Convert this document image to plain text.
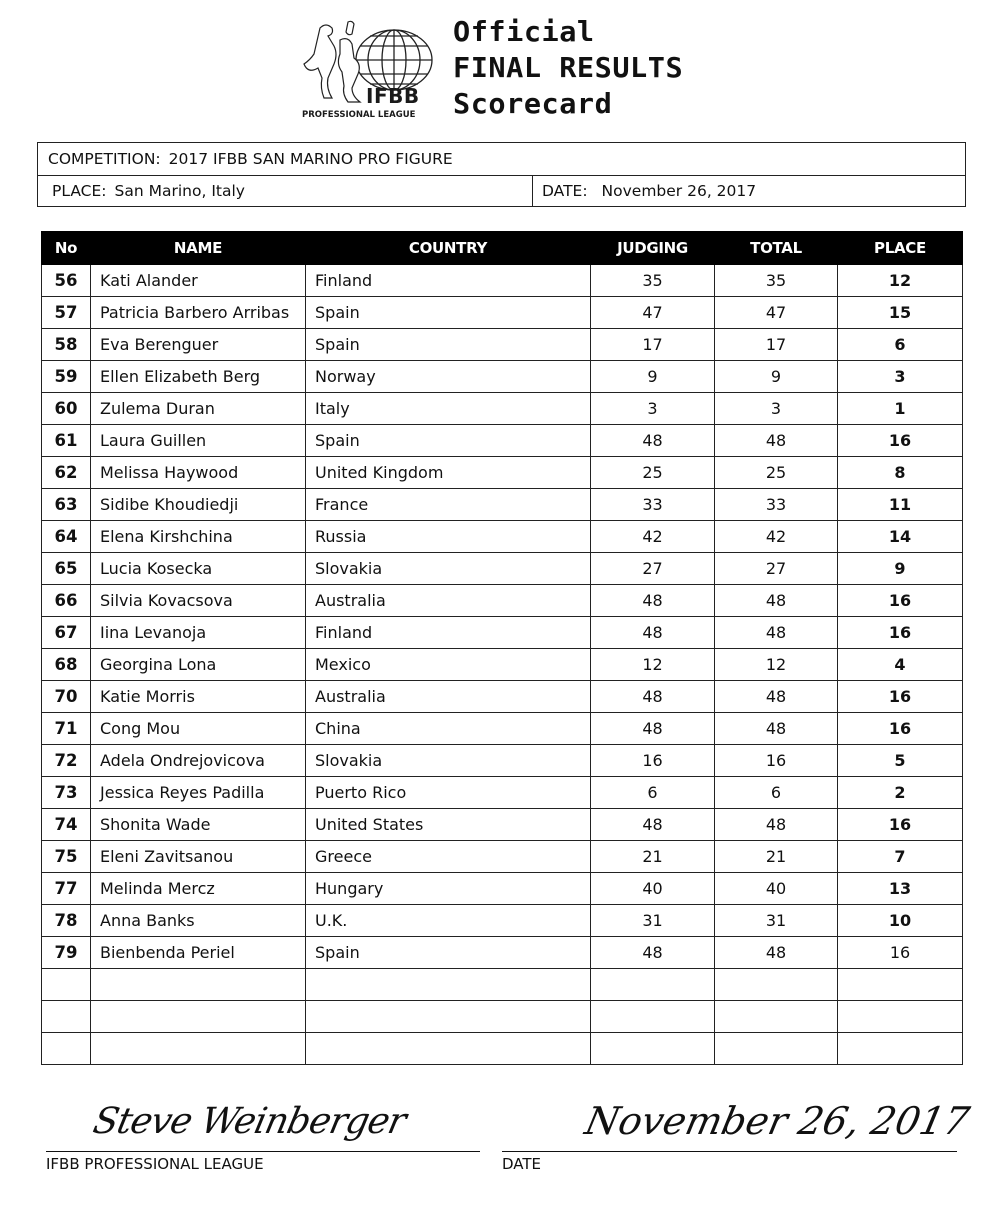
IFBB
PROFESSIONAL LEAGUE
Official
FINAL RESULTS
Scorecard
COMPETITION: 2017 IFBB SAN MARINO PRO FIGURE
PLACE: San Marino, Italy	DATE: November 26, 2017
No	NAME	COUNTRY	JUDGING	TOTAL	PLACE
56	Kati Alander	Finland	35	35	12
57	Patricia Barbero Arribas	Spain	47	47	15
58	Eva Berenguer	Spain	17	17	6
59	Ellen Elizabeth Berg	Norway	9	9	3
60	Zulema Duran	Italy	3	3	1
61	Laura Guillen	Spain	48	48	16
62	Melissa Haywood	United Kingdom	25	25	8
63	Sidibe Khoudiedji	France	33	33	11
64	Elena Kirshchina	Russia	42	42	14
65	Lucia Kosecka	Slovakia	27	27	9
66	Silvia Kovacsova	Australia	48	48	16
67	Iina Levanoja	Finland	48	48	16
68	Georgina Lona	Mexico	12	12	4
70	Katie Morris	Australia	48	48	16
71	Cong Mou	China	48	48	16
72	Adela Ondrejovicova	Slovakia	16	16	5
73	Jessica Reyes Padilla	Puerto Rico	6	6	2
74	Shonita Wade	United States	48	48	16
75	Eleni Zavitsanou	Greece	21	21	7
77	Melinda Mercz	Hungary	40	40	13
78	Anna Banks	U.K.	31	31	10
79	Bienbenda Periel	Spain	48	48	16

Steve Weinberger
IFBB PROFESSIONAL LEAGUE
November 26, 2017
DATE
